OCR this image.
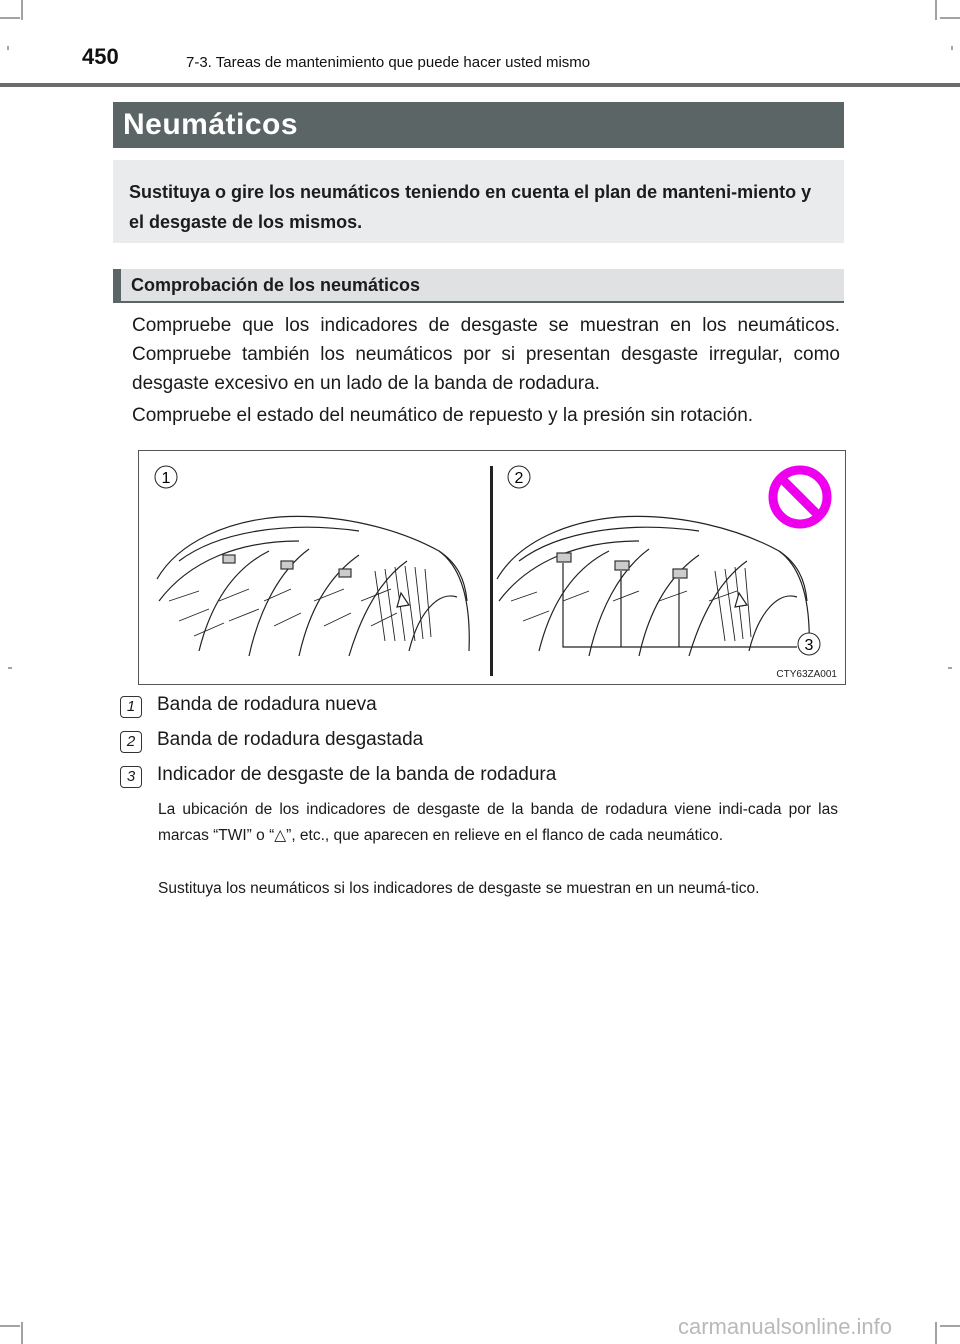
450	7-3. Tareas de mantenimiento que puede hacer usted mismo
Neumáticos

Sustituya o gire los neumáticos teniendo en cuenta el plan de manteni-miento y el desgaste de los mismos.

Comprobación de los neumáticos

Compruebe que los indicadores de desgaste se muestran en los neumáticos. Compruebe también los neumáticos por si presentan desgaste irregular, como desgaste excesivo en un lado de la banda de rodadura.

Compruebe el estado del neumático de repuesto y la presión sin rotación.

1	2
3
CTY63ZA001
1	Banda de rodadura nueva
2	Banda de rodadura desgastada
3	Indicador de desgaste de la banda de rodadura

La ubicación de los indicadores de desgaste de la banda de rodadura viene indi-cada por las marcas “TWI” o “△”, etc., que aparecen en relieve en el flanco de cada neumático.

Sustituya los neumáticos si los indicadores de desgaste se muestran en un neumá-tico.

carmanualsonline.info
